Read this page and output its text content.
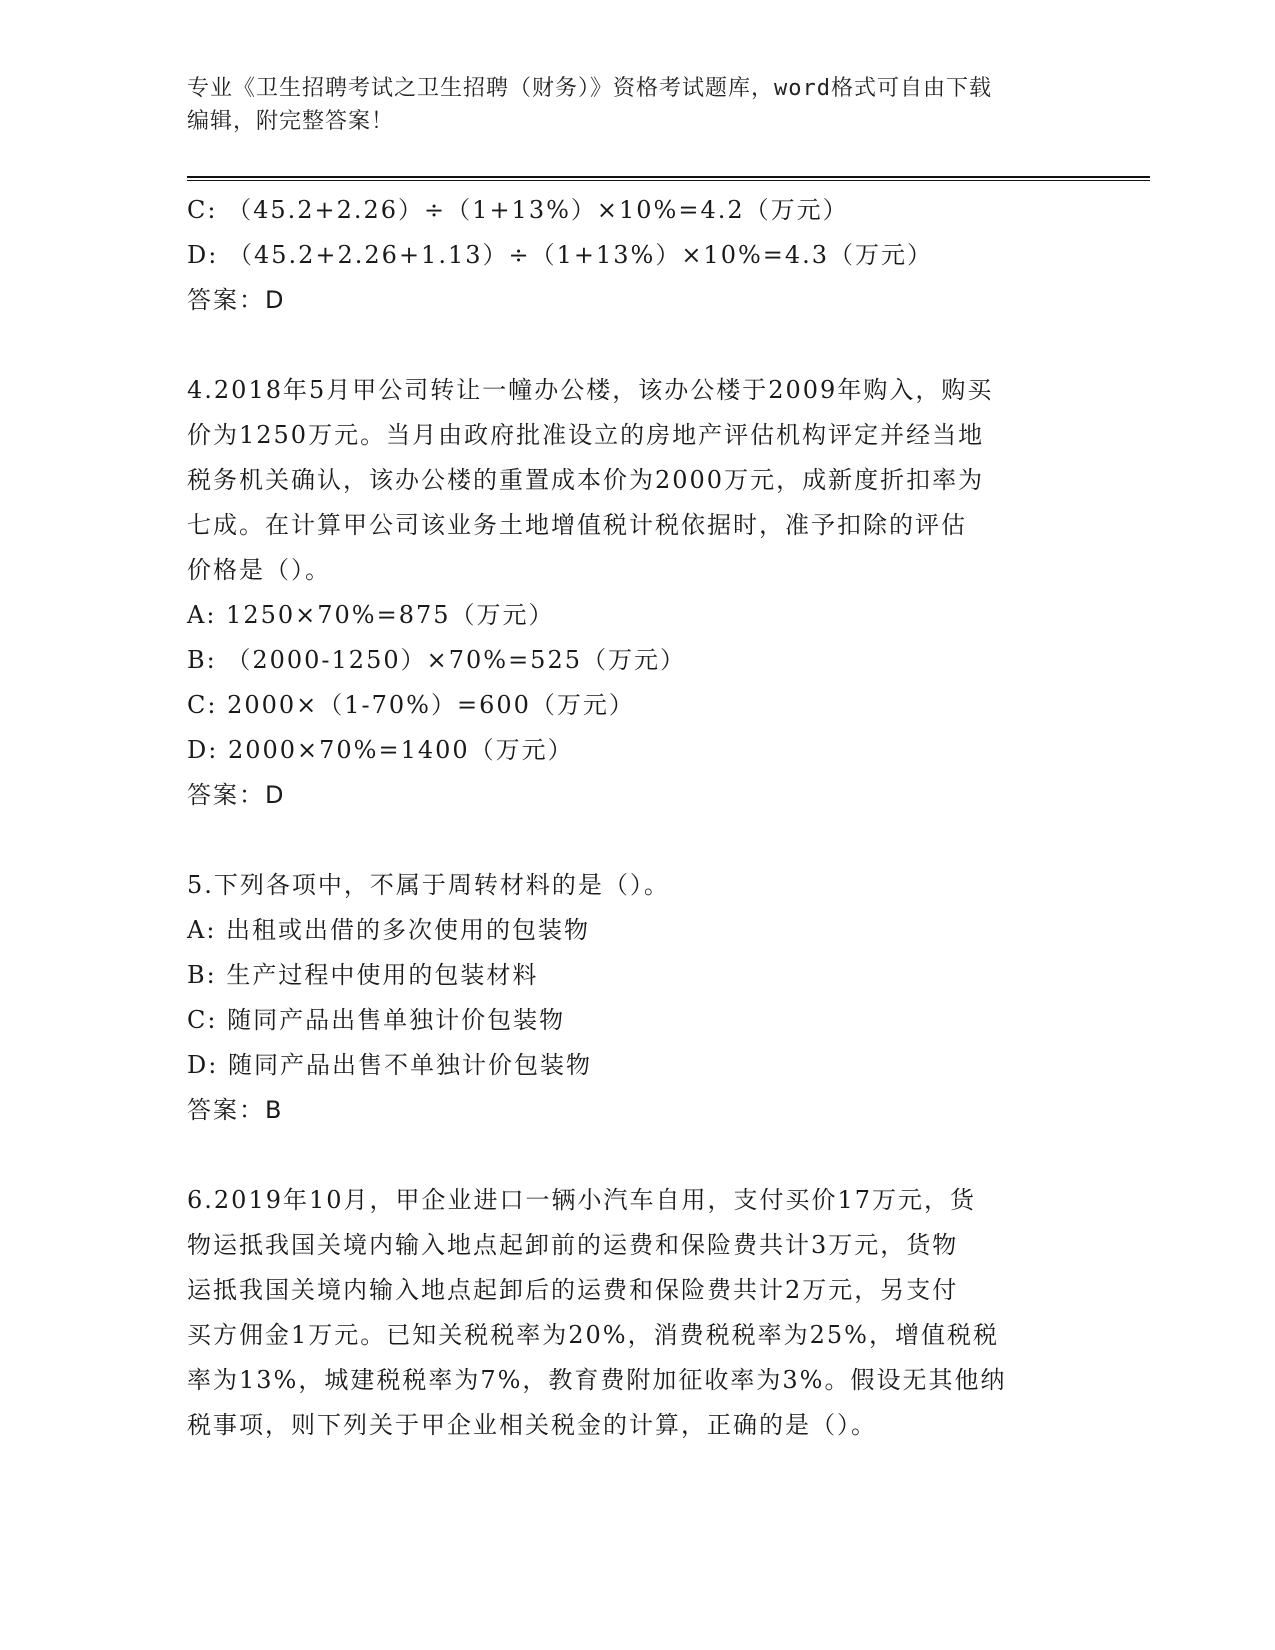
专业《卫生招聘考试之卫生招聘（财务）》资格考试题库，word格式可自由下载
编辑，附完整答案！
C: （45.2+2.26）÷（1+13%）×10%=4.2（万元）
D: （45.2+2.26+1.13）÷（1+13%）×10%=4.3（万元）
答案：D
4.2018年5月甲公司转让一幢办公楼，该办公楼于2009年购入，购买
价为1250万元。当月由政府批准设立的房地产评估机构评定并经当地
税务机关确认，该办公楼的重置成本价为2000万元，成新度折扣率为
七成。在计算甲公司该业务土地增值税计税依据时，准予扣除的评估
价格是（）。
A: 1250×70%=875（万元）
B: （2000-1250）×70%=525（万元）
C: 2000×（1-70%）=600（万元）
D: 2000×70%=1400（万元）
答案：D
5.下列各项中，不属于周转材料的是（）。
A: 出租或出借的多次使用的包装物
B: 生产过程中使用的包装材料
C: 随同产品出售单独计价包装物
D: 随同产品出售不单独计价包装物
答案：B
6.2019年10月，甲企业进口一辆小汽车自用，支付买价17万元，货
物运抵我国关境内输入地点起卸前的运费和保险费共计3万元，货物
运抵我国关境内输入地点起卸后的运费和保险费共计2万元，另支付
买方佣金1万元。已知关税税率为20%，消费税税率为25%，增值税税
率为13%，城建税税率为7%，教育费附加征收率为3%。假设无其他纳
税事项，则下列关于甲企业相关税金的计算，正确的是（）。
